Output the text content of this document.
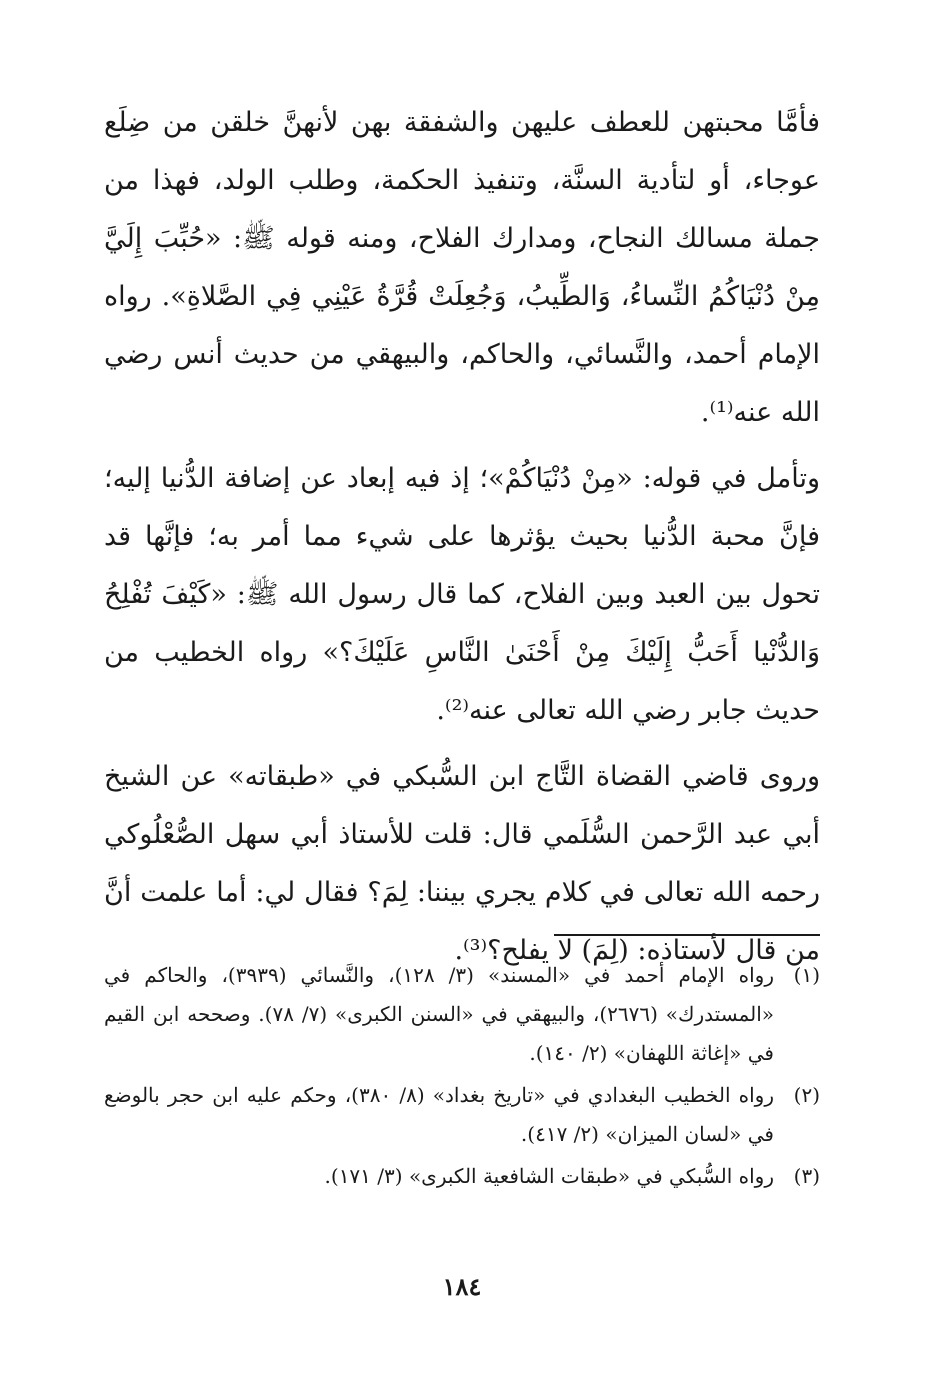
فأمَّا محبتهن للعطف عليهن والشفقة بهن لأنهنَّ خلقن من ضِلَع عوجاء، أو لتأدية السنَّة، وتنفيذ الحكمة، وطلب الولد، فهذا من جملة مسالك النجاح، ومدارك الفلاح، ومنه قوله ﷺ: «حُبِّبَ إِلَيَّ مِنْ دُنْيَاكُمُ النِّساءُ، وَالطِّيبُ، وَجُعِلَتْ قُرَّةُ عَيْنِي فِي الصَّلاةِ». رواه الإمام أحمد، والنَّسائي، والحاكم، والبيهقي من حديث أنس رضي الله عنه⁽¹⁾.

وتأمل في قوله: «مِنْ دُنْيَاكُمْ»؛ إذ فيه إبعاد عن إضافة الدُّنيا إليه؛ فإنَّ محبة الدُّنيا بحيث يؤثرها على شيء مما أمر به؛ فإنَّها قد تحول بين العبد وبين الفلاح، كما قال رسول الله ﷺ: «كَيْفَ تُفْلِحُ وَالدُّنْيا أَحَبُّ إِلَيْكَ مِنْ أَحْنَىٰ النَّاسِ عَلَيْكَ؟» رواه الخطيب من حديث جابر رضي الله تعالى عنه⁽²⁾.

وروى قاضي القضاة التَّاج ابن السُّبكي في «طبقاته» عن الشيخ أبي عبد الرَّحمن السُّلَمي قال: قلت للأستاذ أبي سهل الصُّعْلُوكي رحمه الله تعالى في كلام يجري بيننا: لِمَ؟ فقال لي: أما علمت أنَّ من قال لأستاذه: (لِمَ) لا يفلح؟⁽³⁾.

(١)
رواه الإمام أحمد في «المسند» (٣/ ١٢٨)، والنَّسائي (٣٩٣٩)، والحاكم في «المستدرك» (٢٦٧٦)، والبيهقي في «السنن الكبرى» (٧/ ٧٨). وصححه ابن القيم في «إغاثة اللهفان» (٢/ ١٤٠).
(٢)
رواه الخطيب البغدادي في «تاريخ بغداد» (٨/ ٣٨٠)، وحكم عليه ابن حجر بالوضع في «لسان الميزان» (٢/ ٤١٧).
(٣)
رواه السُّبكي في «طبقات الشافعية الكبرى» (٣/ ١٧١).
١٨٤
